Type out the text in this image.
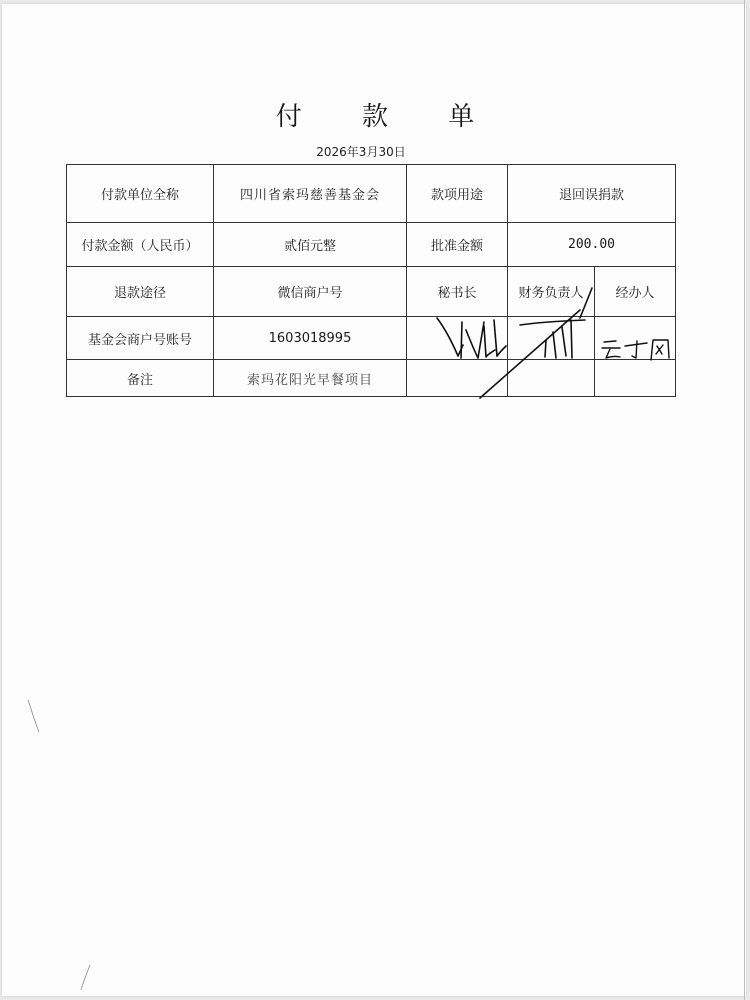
付 款 单
2026年3月30日
付款单位全称	四川省索玛慈善基金会	款项用途	退回误捐款	
付款金额（人民币）	贰佰元整	批准金额	200.00	
退款途径	微信商户号	秘书长	财务负责人	经办人
基金会商户号账号	1603018995			
备注	索玛花阳光早餐项目			
